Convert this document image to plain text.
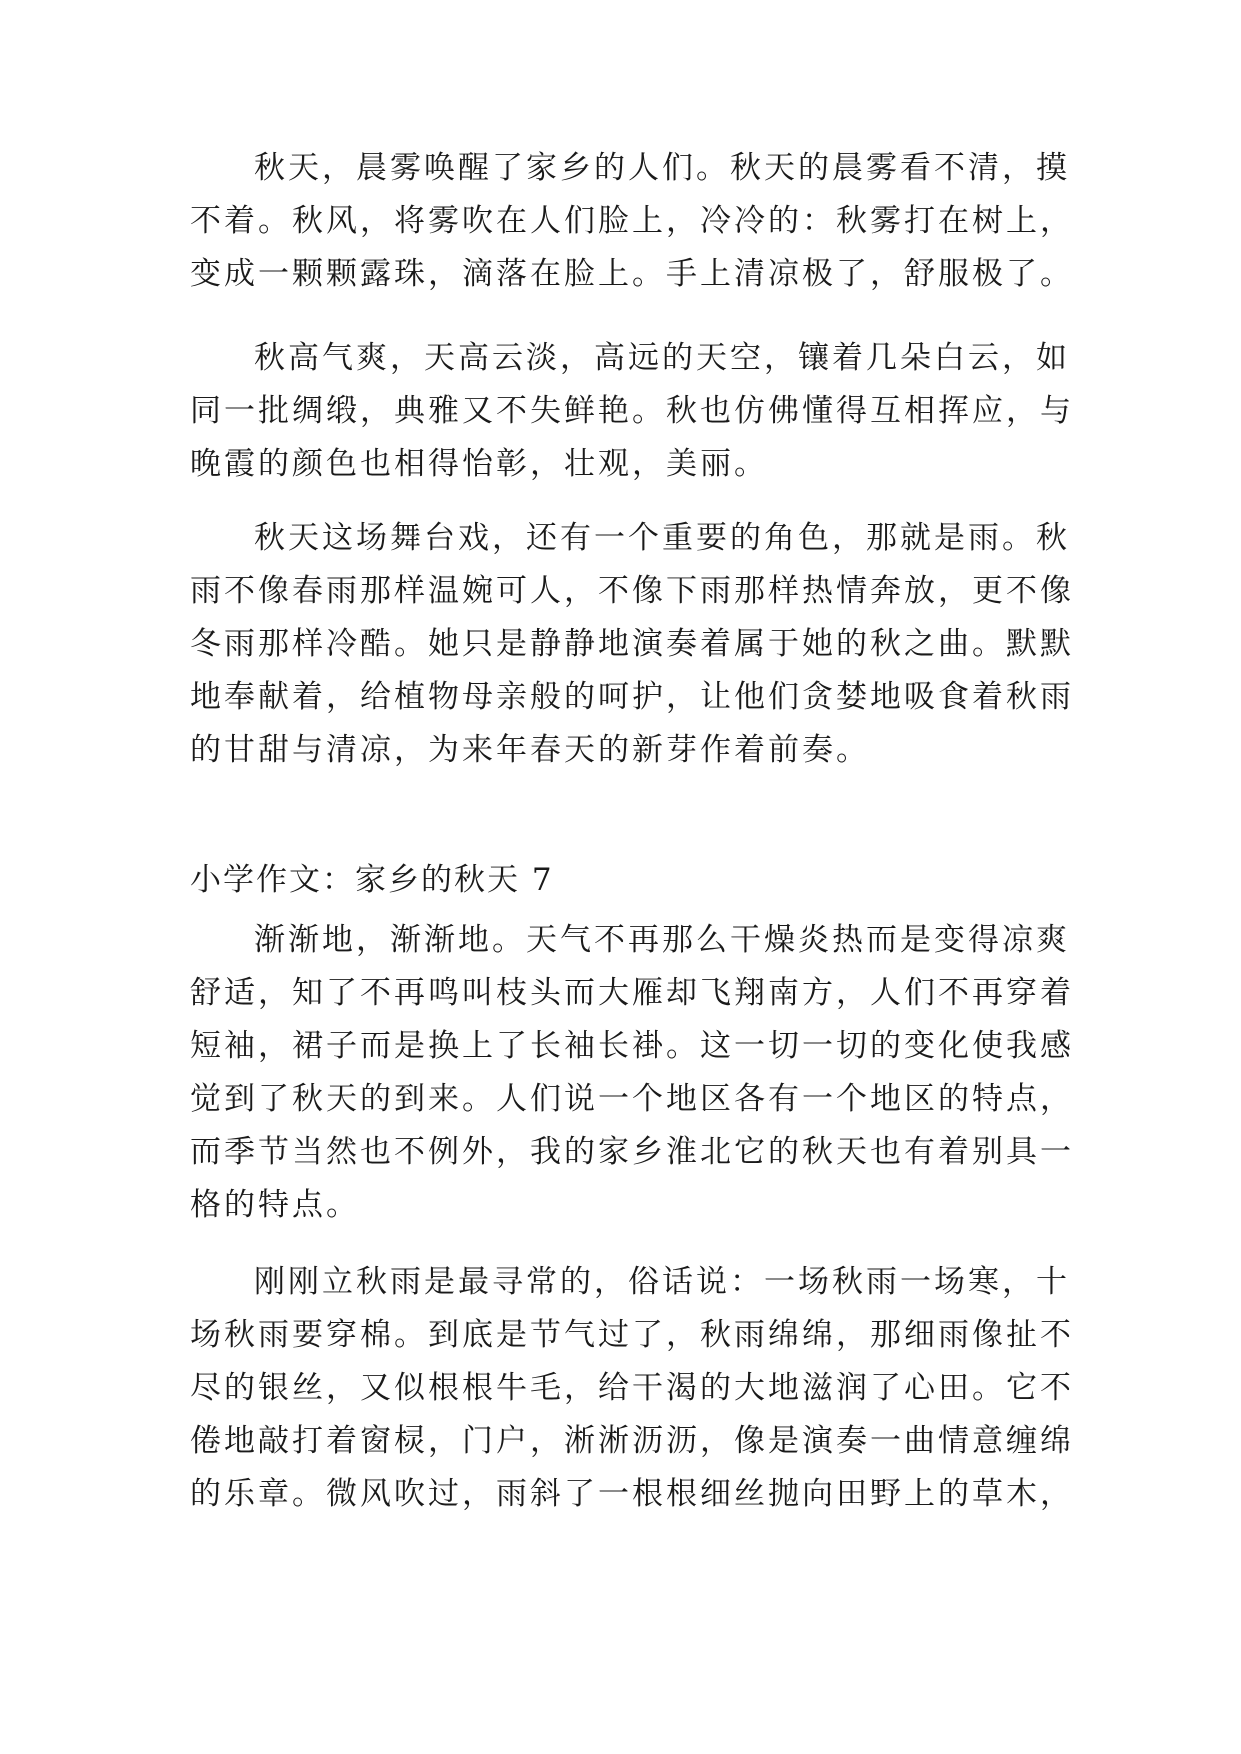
秋天，晨雾唤醒了家乡的人们。秋天的晨雾看不清，摸
不着。秋风，将雾吹在人们脸上，冷冷的：秋雾打在树上，
变成一颗颗露珠，滴落在脸上。手上清凉极了，舒服极了。
秋高气爽，天高云淡，高远的天空，镶着几朵白云，如
同一批绸缎，典雅又不失鲜艳。秋也仿佛懂得互相挥应，与
晚霞的颜色也相得怡彰，壮观，美丽。
秋天这场舞台戏，还有一个重要的角色，那就是雨。秋
雨不像春雨那样温婉可人，不像下雨那样热情奔放，更不像
冬雨那样冷酷。她只是静静地演奏着属于她的秋之曲。默默
地奉献着，给植物母亲般的呵护，让他们贪婪地吸食着秋雨
的甘甜与清凉，为来年春天的新芽作着前奏。
小学作文：家乡的秋天 7
渐渐地，渐渐地。天气不再那么干燥炎热而是变得凉爽
舒适，知了不再鸣叫枝头而大雁却飞翔南方，人们不再穿着
短袖，裙子而是换上了长袖长褂。这一切一切的变化使我感
觉到了秋天的到来。人们说一个地区各有一个地区的特点，
而季节当然也不例外，我的家乡淮北它的秋天也有着别具一
格的特点。
刚刚立秋雨是最寻常的，俗话说：一场秋雨一场寒，十
场秋雨要穿棉。到底是节气过了，秋雨绵绵，那细雨像扯不
尽的银丝，又似根根牛毛，给干渴的大地滋润了心田。它不
倦地敲打着窗棂，门户，淅淅沥沥，像是演奏一曲情意缠绵
的乐章。微风吹过，雨斜了一根根细丝抛向田野上的草木，
